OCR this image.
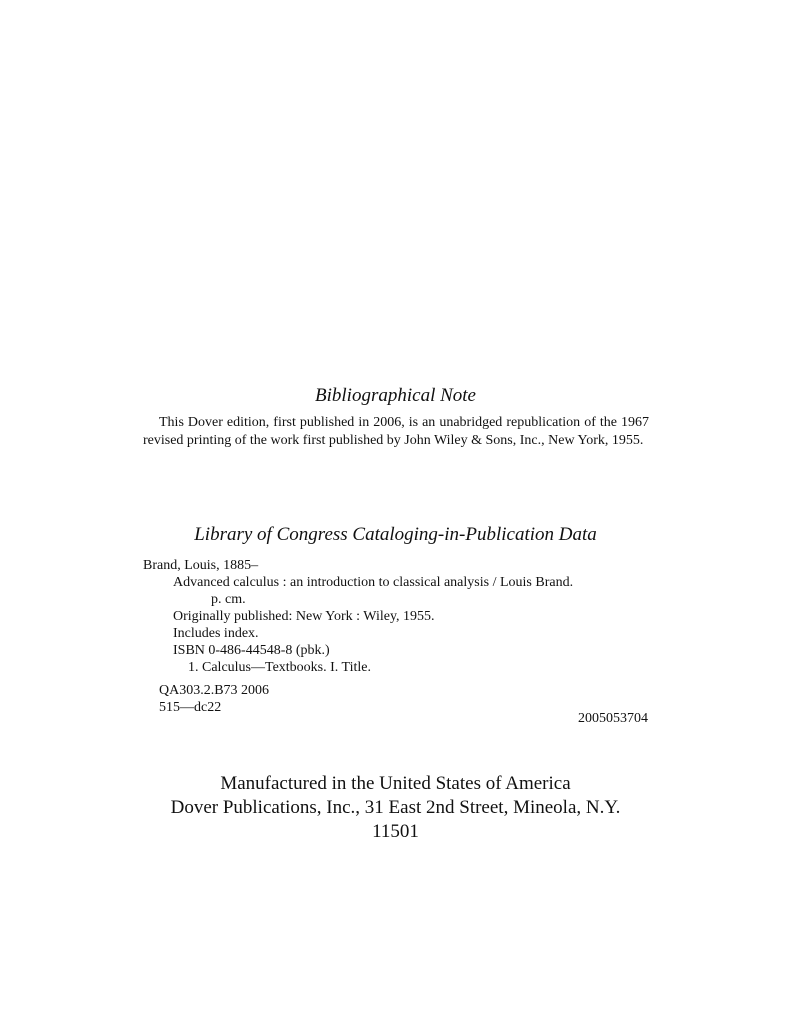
Bibliographical Note
This Dover edition, first published in 2006, is an unabridged republication of the 1967 revised printing of the work first published by John Wiley & Sons, Inc., New York, 1955.
Library of Congress Cataloging-in-Publication Data
Brand, Louis, 1885–
Advanced calculus : an introduction to classical analysis / Louis Brand.
p. cm.
Originally published: New York : Wiley, 1955.
Includes index.
ISBN 0-486-44548-8 (pbk.)
1. Calculus—Textbooks. I. Title.
QA303.2.B73 2006
515—dc22
2005053704
Manufactured in the United States of America
Dover Publications, Inc., 31 East 2nd Street, Mineola, N.Y.
11501
